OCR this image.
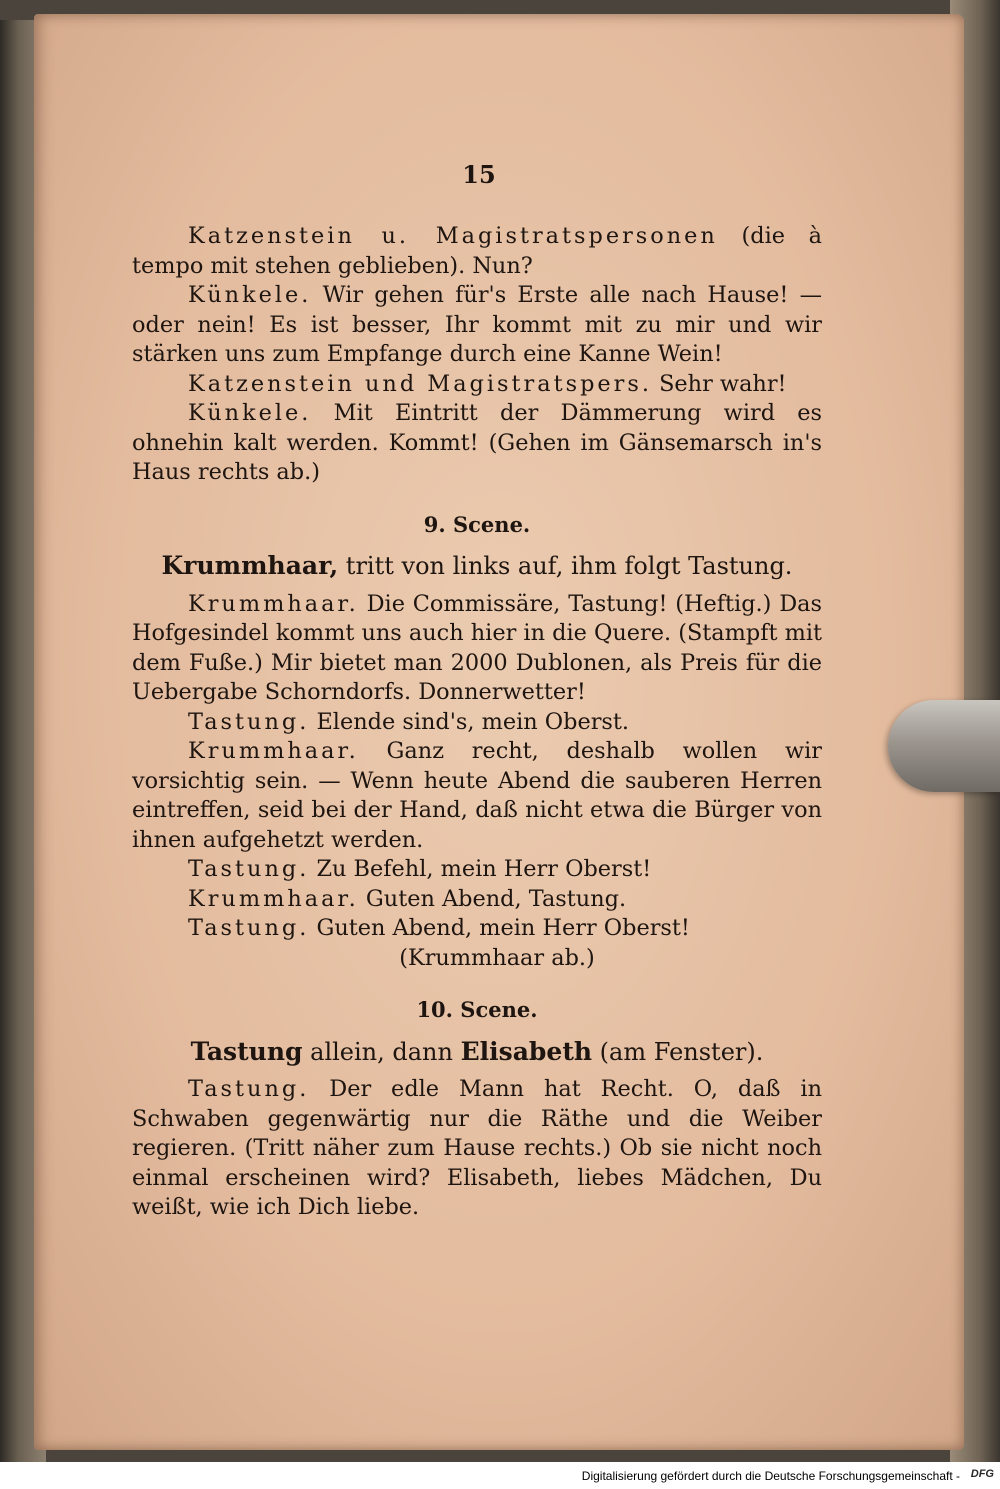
15

Katzenstein u. Magistratspersonen (die à tempo mit stehen geblieben). Nun?

Künkele. Wir gehen für's Erste alle nach Hause! — oder nein! Es ist besser, Ihr kommt mit zu mir und wir stärken uns zum Empfange durch eine Kanne Wein!

Katzenstein und Magistratspers. Sehr wahr!

Künkele. Mit Eintritt der Dämmerung wird es ohnehin kalt werden. Kommt! (Gehen im Gänsemarsch in's Haus rechts ab.)

9. Scene.
Krummhaar, tritt von links auf, ihm folgt Tastung.

Krummhaar. Die Commissäre, Tastung! (Heftig.) Das Hofgesindel kommt uns auch hier in die Quere. (Stampft mit dem Fuße.) Mir bietet man 2000 Dublonen, als Preis für die Uebergabe Schorndorfs. Donnerwetter!

Tastung. Elende sind's, mein Oberst.

Krummhaar. Ganz recht, deshalb wollen wir vorsichtig sein. — Wenn heute Abend die sauberen Herren eintreffen, seid bei der Hand, daß nicht etwa die Bürger von ihnen aufgehetzt werden.

Tastung. Zu Befehl, mein Herr Oberst!

Krummhaar. Guten Abend, Tastung.

Tastung. Guten Abend, mein Herr Oberst!

(Krummhaar ab.)
10. Scene.
Tastung allein, dann Elisabeth (am Fenster).

Tastung. Der edle Mann hat Recht. O, daß in Schwaben gegenwärtig nur die Räthe und die Weiber regieren. (Tritt näher zum Hause rechts.) Ob sie nicht noch einmal erscheinen wird? Elisabeth, liebes Mädchen, Du weißt, wie ich Dich liebe.

Digitalisierung gefördert durch die Deutsche Forschungsgemeinschaft - DFG
